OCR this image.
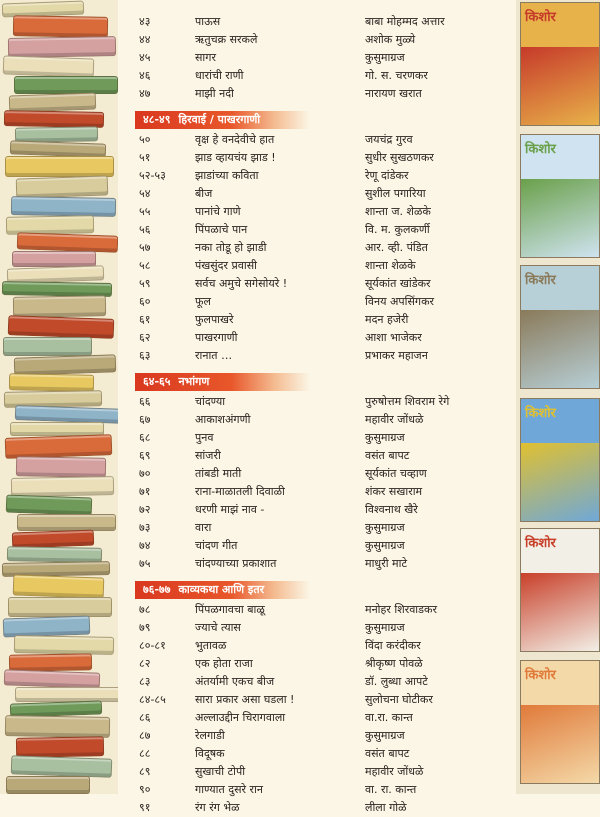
४३	पाऊस	बाबा मोहम्मद अत्तार
४४	ऋतुचक्र सरकले	अशोक मुळ्ये
४५	सागर	कुसुमाग्रज
४६	धारांची राणी	गो. स. चरणकर
४७	माझी नदी	नारायण खरात
४८-४९ हिरवाई / पाखरगाणी
५०	वृक्ष हे वनदेवीचे हात	जयचंद्र गुरव
५१	झाड व्हायचंय झाड !	सुधीर सुखठणकर
५२-५३	झाडांच्या कविता	रेणू दांडेकर
५४	बीज	सुशील पगारिया
५५	पानांचे गाणे	शान्ता ज. शेळके
५६	पिंपळाचे पान	वि. म. कुलकर्णी
५७	नका तोडू हो झाडी	आर. व्ही. पंडित
५८	पंखसुंदर प्रवासी	शान्ता शेळके
५९	सर्वच अमुचे सगेसोयरे !	सूर्यकांत खांडेकर
६०	फूल	विनय अपसिंगकर
६१	फुलपाखरे	मदन हजेरी
६२	पाखरगाणी	आशा भाजेकर
६३	रानात …	प्रभाकर महाजन
६४-६५ नभांगण
६६	चांदण्या	पुरुषोत्तम शिवराम रेगे
६७	आकाशअंगणी	महावीर जोंधळे
६८	पुनव	कुसुमाग्रज
६९	सांजरी	वसंत बापट
७०	तांबडी माती	सूर्यकांत चव्हाण
७१	राना-माळातली दिवाळी	शंकर सखाराम
७२	धरणी माझं नाव -	विश्वनाथ खैरे
७३	वारा	कुसुमाग्रज
७४	चांदण गीत	कुसुमाग्रज
७५	चांदण्याच्या प्रकाशात	माधुरी माटे
७६-७७ काव्यकथा आणि इतर
७८	पिंपळगावचा बाळू	मनोहर शिरवाडकर
७९	ज्याचे त्यास	कुसुमाग्रज
८०-८१	भुतावळ	विंदा करंदीकर
८२	एक होता राजा	श्रीकृष्ण पोवळे
८३	अंतर्यामी एकच बीज	डॉ. लुब्धा आपटे
८४-८५	सारा प्रकार असा घडला !	सुलोचना घोटीकर
८६	अल्लाउद्दीन चिरागवाला	वा.रा. कान्त
८७	रेलगाडी	कुसुमाग्रज
८८	विदूषक	वसंत बापट
८९	सुखाची टोपी	महावीर जोंधळे
९०	गाण्यात दुसरे रान	वा. रा. कान्त
९१	रंग रंग भेळ	लीला गोळे
किशोर
किशोर
किशोर
किशोर
किशोर
किशोर
